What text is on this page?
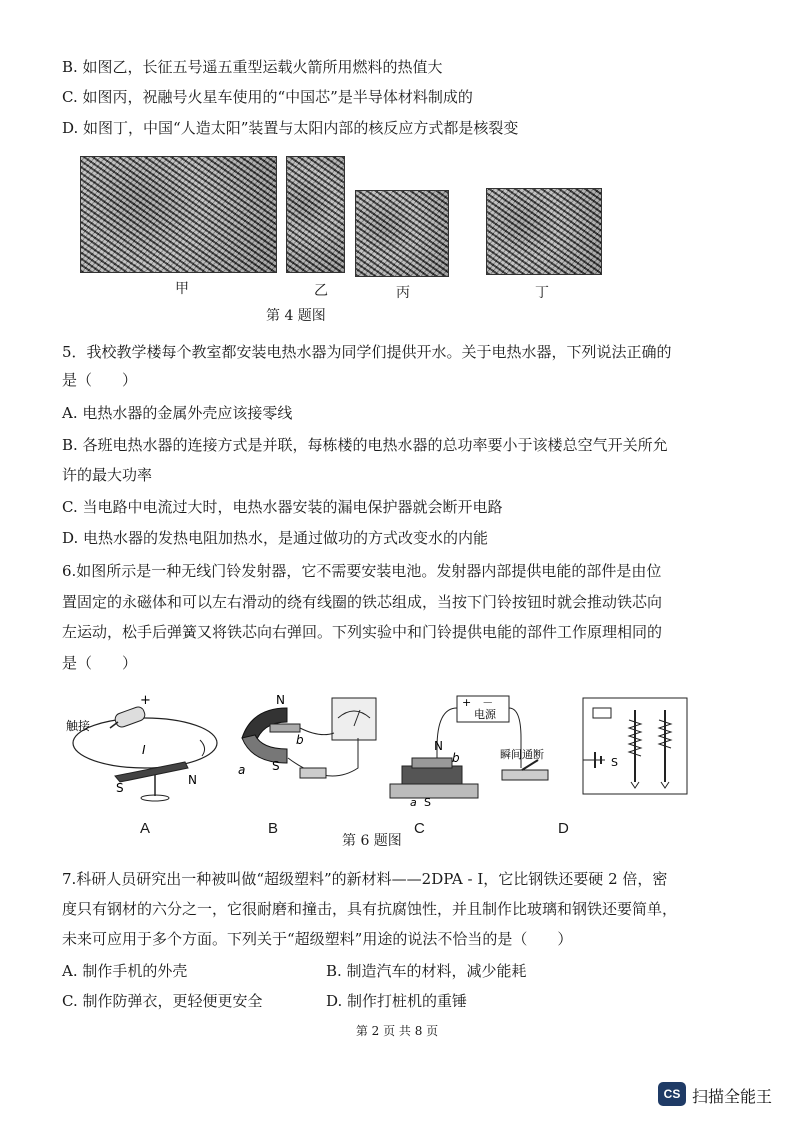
B. 如图乙，长征五号遥五重型运载火箭所用燃料的热值大
C. 如图丙，祝融号火星车使用的“中国芯”是半导体材料制成的
D. 如图丁，中国“人造太阳”装置与太阳内部的核反应方式都是核裂变
甲	乙	丙	丁
第 4 题图
5．我校教学楼每个教室都安装电热水器为同学们提供开水。关于电热水器，下列说法正确的
是（　　）
A. 电热水器的金属外壳应该接零线
B. 各班电热水器的连接方式是并联，每栋楼的电热水器的总功率要小于该楼总空气开关所允
许的最大功率
C. 当电路中电流过大时，电热水器安装的漏电保护器就会断开电路
D. 电热水器的发热电阻加热水，是通过做功的方式改变水的内能
6.如图所示是一种无线门铃发射器，它不需要安装电池。发射器内部提供电能的部件是由位
置固定的永磁体和可以左右滑动的绕有线圈的铁芯组成，当按下门铃按钮时就会推动铁芯向
左运动，松手后弹簧又将铁芯向右弹回。下列实验中和门铃提供电能的部件工作原理相同的
是（　　）
触接
+
I
S
N
N
b
a S
+　－
电源
瞬间通断
N
b
a S
S
A	B	C	D
第 6 题图
7.科研人员研究出一种被叫做“超级塑料”的新材料——2DPA - I，它比钢铁还要硬 2 倍，密
度只有钢材的六分之一，它很耐磨和撞击，具有抗腐蚀性，并且制作比玻璃和钢铁还要简单，
未来可应用于多个方面。下列关于“超级塑料”用途的说法不恰当的是（　　）
A. 制作手机的外壳	B. 制造汽车的材料，减少能耗
C. 制作防弹衣，更轻便更安全	D. 制作打桩机的重锤
第 2 页 共 8 页
CS 扫描全能王
